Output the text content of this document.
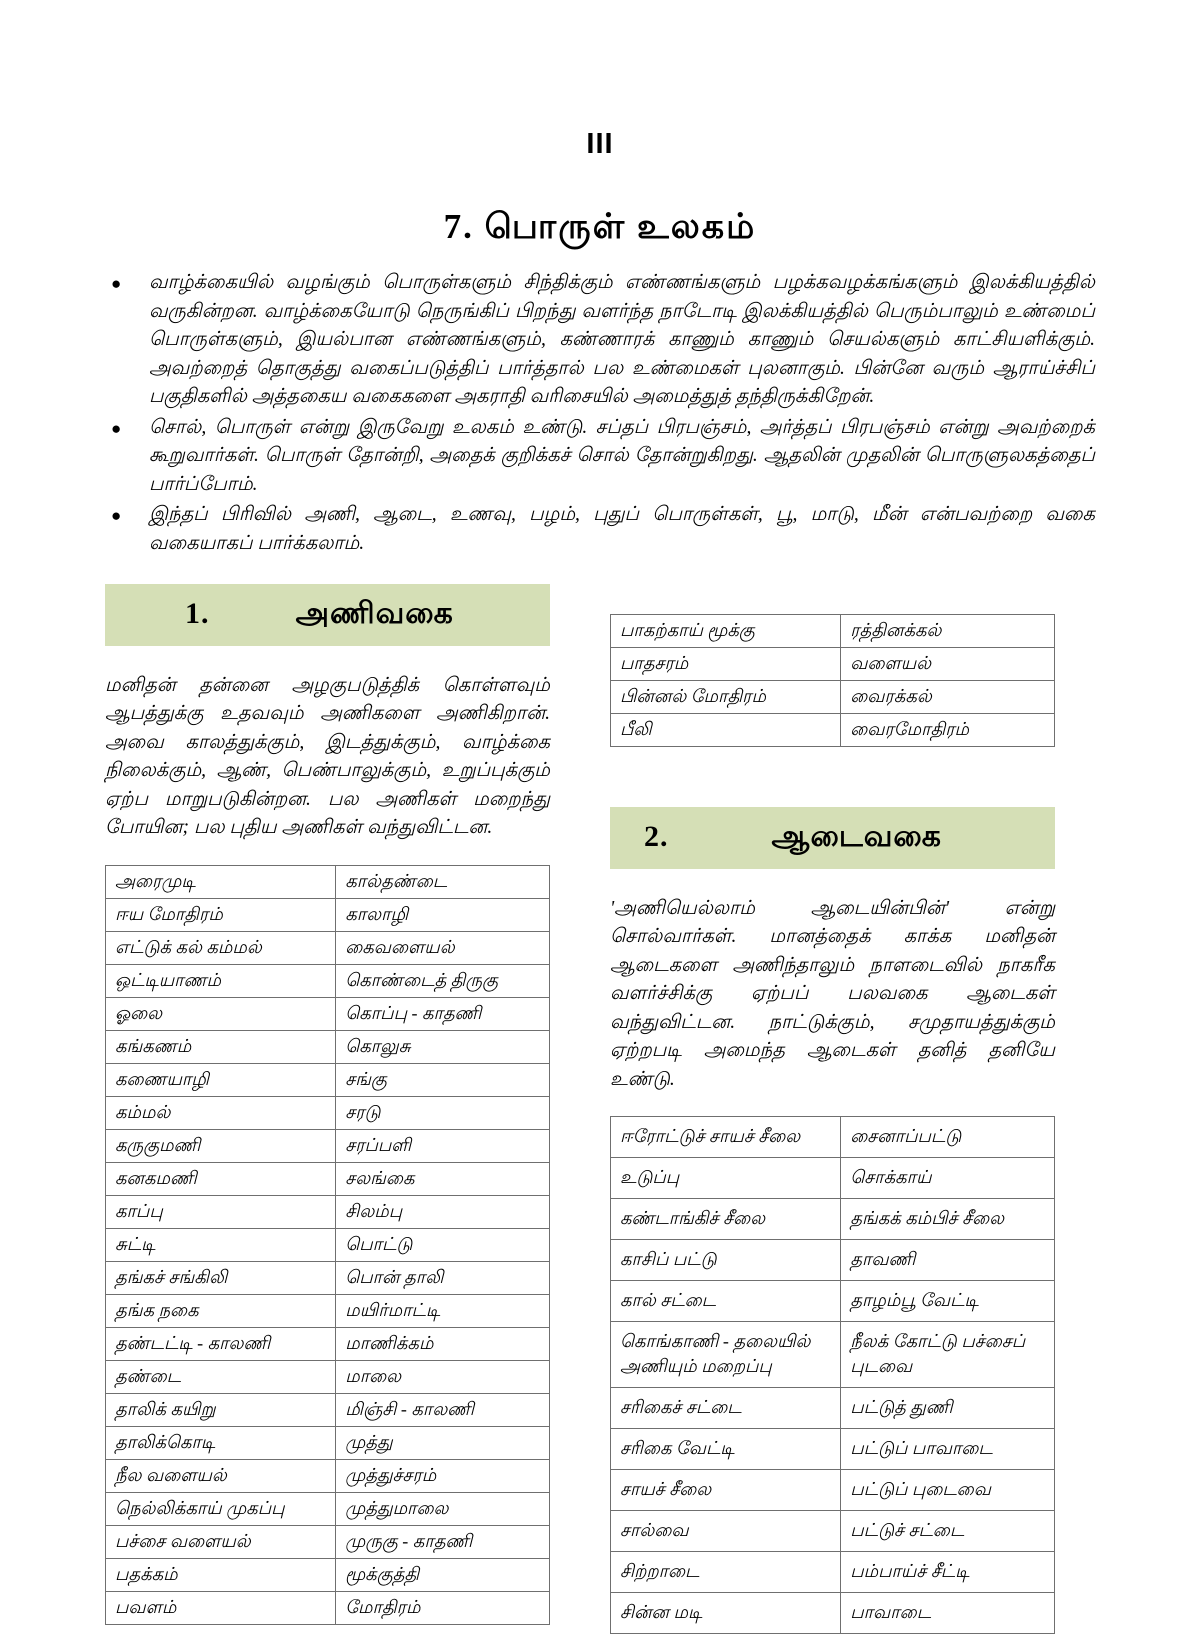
III
7. பொருள் உலகம்
●	வாழ்க்கையில் வழங்கும் பொருள்களும் சிந்திக்கும் எண்ணங்களும் பழக்கவழக்கங்களும் இலக்கியத்தில் வருகின்றன. வாழ்க்கையோடு நெருங்கிப் பிறந்து வளர்ந்த நாடோடி இலக்கியத்தில் பெரும்பாலும் உண்மைப் பொருள்களும், இயல்பான எண்ணங்களும், கண்ணாரக் காணும் காணும் செயல்களும் காட்சியளிக்கும். அவற்றைத் தொகுத்து வகைப்படுத்திப் பார்த்தால் பல உண்மைகள் புலனாகும். பின்னே வரும் ஆராய்ச்சிப் பகுதிகளில் அத்தகைய வகைகளை அகராதி வரிசையில் அமைத்துத் தந்திருக்கிறேன்.
●	சொல், பொருள் என்று இருவேறு உலகம் உண்டு. சப்தப் பிரபஞ்சம், அர்த்தப் பிரபஞ்சம் என்று அவற்றைக் கூறுவார்கள். பொருள் தோன்றி, அதைக் குறிக்கச் சொல் தோன்றுகிறது. ஆதலின் முதலின் பொருளுலகத்தைப் பார்ப்போம்.
●	இந்தப் பிரிவில் அணி, ஆடை, உணவு, பழம், புதுப் பொருள்கள், பூ, மாடு, மீன் என்பவற்றை வகை வகையாகப் பார்க்கலாம்.
1.	அணிவகை
மனிதன் தன்னை அழகுபடுத்திக் கொள்ளவும் ஆபத்துக்கு உதவவும் அணிகளை அணிகிறான். அவை காலத்துக்கும், இடத்துக்கும், வாழ்க்கை நிலைக்கும், ஆண், பெண்பாலுக்கும், உறுப்புக்கும் ஏற்ப மாறுபடுகின்றன. பல அணிகள் மறைந்து போயின; பல புதிய அணிகள் வந்துவிட்டன.
அரைமுடி	கால்தண்டை
ஈய மோதிரம்	காலாழி
எட்டுக் கல் கம்மல்	கைவளையல்
ஒட்டியாணம்	கொண்டைத் திருகு
ஓலை	கொப்பு - காதணி
கங்கணம்	கொலுசு
கணையாழி	சங்கு
கம்மல்	சரடு
கருகுமணி	சரப்பளி
கனகமணி	சலங்கை
காப்பு	சிலம்பு
சுட்டி	பொட்டு
தங்கச் சங்கிலி	பொன் தாலி
தங்க நகை	மயிர்மாட்டி
தண்டட்டி - காலணி	மாணிக்கம்
தண்டை	மாலை
தாலிக் கயிறு	மிஞ்சி - காலணி
தாலிக்கொடி	முத்து
நீல வளையல்	முத்துச்சரம்
நெல்லிக்காய் முகப்பு	முத்துமாலை
பச்சை வளையல்	முருகு - காதணி
பதக்கம்	மூக்குத்தி
பவளம்	மோதிரம்
பாகற்காய் மூக்கு	ரத்தினக்கல்
பாதசரம்	வளையல்
பின்னல் மோதிரம்	வைரக்கல்
பீலி	வைரமோதிரம்
2.	ஆடைவகை
'அணியெல்லாம் ஆடையின்பின்' என்று சொல்வார்கள். மானத்தைக் காக்க மனிதன் ஆடைகளை அணிந்தாலும் நாளடைவில் நாகரீக வளர்ச்சிக்கு ஏற்பப் பலவகை ஆடைகள் வந்துவிட்டன. நாட்டுக்கும், சமுதாயத்துக்கும் ஏற்றபடி அமைந்த ஆடைகள் தனித் தனியே உண்டு.
ஈரோட்டுச் சாயச் சீலை	சைனாப்பட்டு
உடுப்பு	சொக்காய்
கண்டாங்கிச் சீலை	தங்கக் கம்பிச் சீலை
காசிப் பட்டு	தாவணி
கால் சட்டை	தாழம்பூ வேட்டி
கொங்காணி - தலையில் அணியும் மறைப்பு	நீலக் கோட்டு பச்சைப் புடவை
சரிகைச் சட்டை	பட்டுத் துணி
சரிகை வேட்டி	பட்டுப் பாவாடை
சாயச் சீலை	பட்டுப் புடைவை
சால்வை	பட்டுச் சட்டை
சிற்றாடை	பம்பாய்ச் சீட்டி
சின்ன மடி	பாவாடை
